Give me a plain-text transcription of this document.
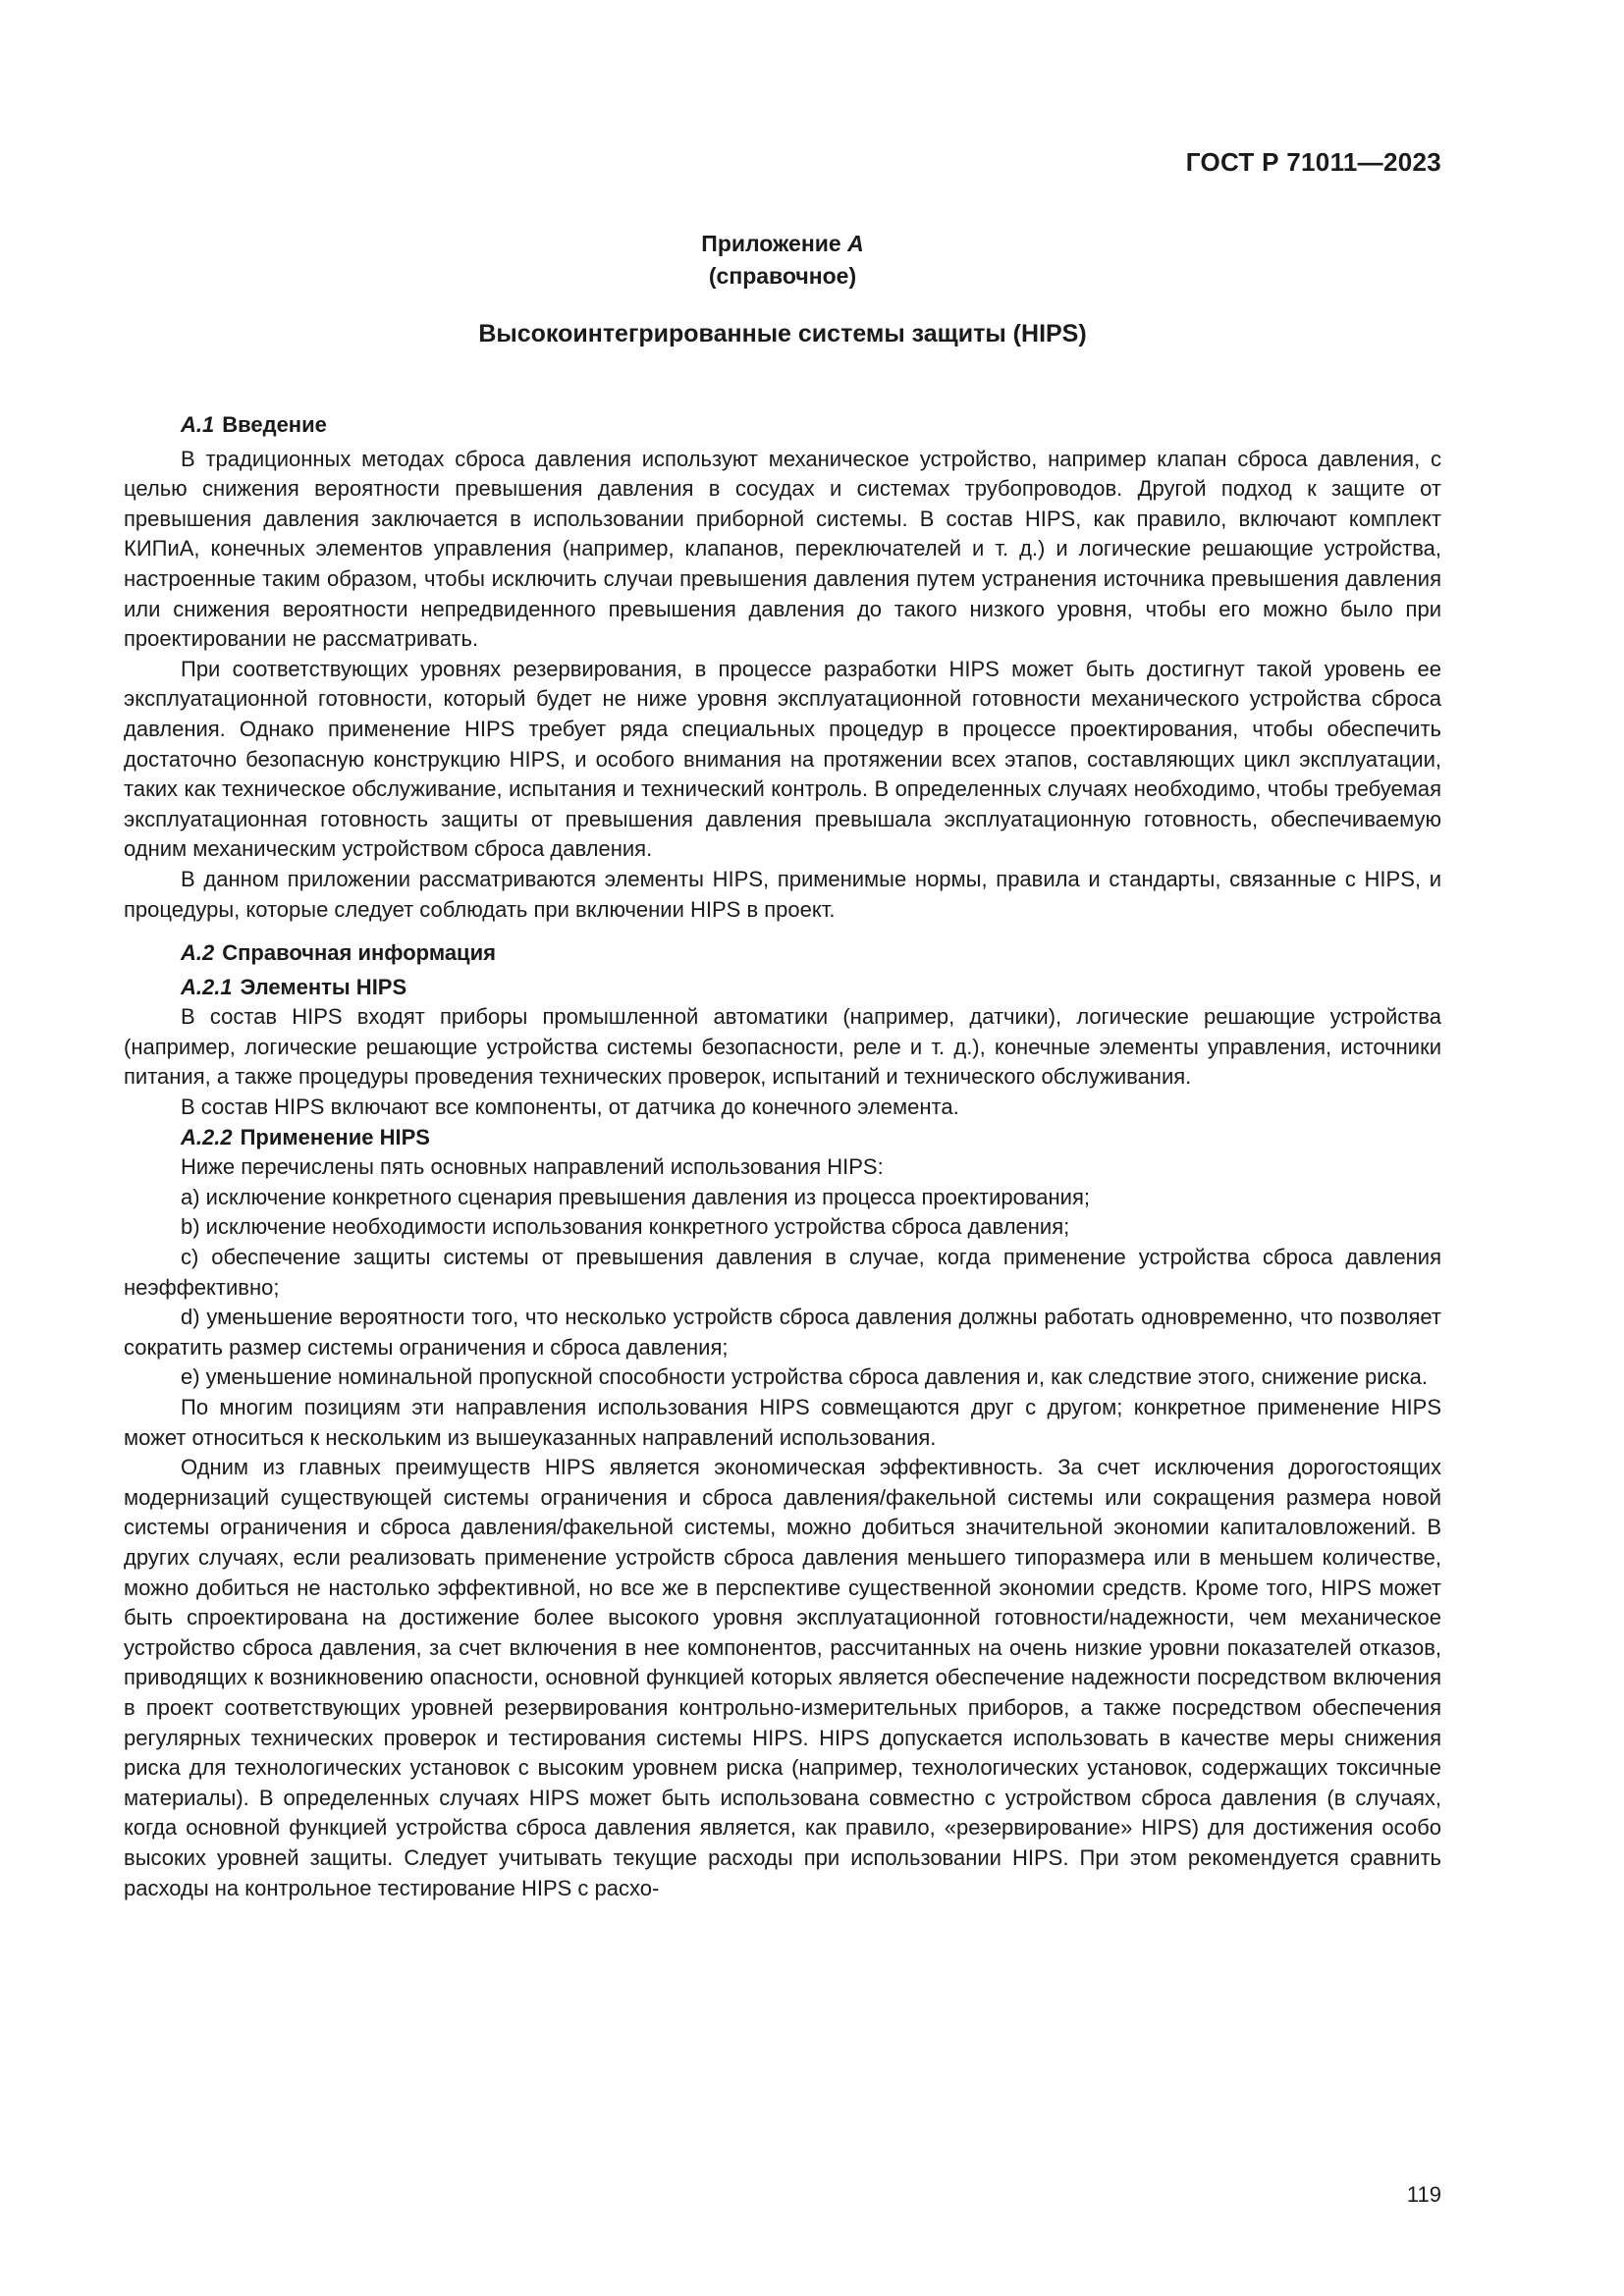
ГОСТ Р 71011—2023
Приложение А
(справочное)
Высокоинтегрированные системы защиты (HIPS)
А.1 Введение

В традиционных методах сброса давления используют механическое устройство, например клапан сброса давления, с целью снижения вероятности превышения давления в сосудах и системах трубопроводов. Другой подход к защите от превышения давления заключается в использовании приборной системы. В состав HIPS, как правило, включают комплект КИПиА, конечных элементов управления (например, клапанов, переключателей и т. д.) и логические решающие устройства, настроенные таким образом, чтобы исключить случаи превышения давления путем устранения источника превышения давления или снижения вероятности непредвиденного превышения давления до такого низкого уровня, чтобы его можно было при проектировании не рассматривать.

При соответствующих уровнях резервирования, в процессе разработки HIPS может быть достигнут такой уровень ее эксплуатационной готовности, который будет не ниже уровня эксплуатационной готовности механического устройства сброса давления. Однако применение HIPS требует ряда специальных процедур в процессе проектирования, чтобы обеспечить достаточно безопасную конструкцию HIPS, и особого внимания на протяжении всех этапов, составляющих цикл эксплуатации, таких как техническое обслуживание, испытания и технический контроль. В определенных случаях необходимо, чтобы требуемая эксплуатационная готовность защиты от превышения давления превышала эксплуатационную готовность, обеспечиваемую одним механическим устройством сброса давления.

В данном приложении рассматриваются элементы HIPS, применимые нормы, правила и стандарты, связанные с HIPS, и процедуры, которые следует соблюдать при включении HIPS в проект.

А.2 Справочная информация
А.2.1 Элементы HIPS

В состав HIPS входят приборы промышленной автоматики (например, датчики), логические решающие устройства (например, логические решающие устройства системы безопасности, реле и т. д.), конечные элементы управления, источники питания, а также процедуры проведения технических проверок, испытаний и технического обслуживания.

В состав HIPS включают все компоненты, от датчика до конечного элемента.

А.2.2 Применение HIPS

Ниже перечислены пять основных направлений использования HIPS:

a) исключение конкретного сценария превышения давления из процесса проектирования;

b) исключение необходимости использования конкретного устройства сброса давления;

c) обеспечение защиты системы от превышения давления в случае, когда применение устройства сброса давления неэффективно;

d) уменьшение вероятности того, что несколько устройств сброса давления должны работать одновременно, что позволяет сократить размер системы ограничения и сброса давления;

e) уменьшение номинальной пропускной способности устройства сброса давления и, как следствие этого, снижение риска.

По многим позициям эти направления использования HIPS совмещаются друг с другом; конкретное применение HIPS может относиться к нескольким из вышеуказанных направлений использования.

Одним из главных преимуществ HIPS является экономическая эффективность. За счет исключения дорогостоящих модернизаций существующей системы ограничения и сброса давления/факельной системы или сокращения размера новой системы ограничения и сброса давления/факельной системы, можно добиться значительной экономии капиталовложений. В других случаях, если реализовать применение устройств сброса давления меньшего типоразмера или в меньшем количестве, можно добиться не настолько эффективной, но все же в перспективе существенной экономии средств. Кроме того, HIPS может быть спроектирована на достижение более высокого уровня эксплуатационной готовности/надежности, чем механическое устройство сброса давления, за счет включения в нее компонентов, рассчитанных на очень низкие уровни показателей отказов, приводящих к возникновению опасности, основной функцией которых является обеспечение надежности посредством включения в проект соответствующих уровней резервирования контрольно-измерительных приборов, а также посредством обеспечения регулярных технических проверок и тестирования системы HIPS. HIPS допускается использовать в качестве меры снижения риска для технологических установок с высоким уровнем риска (например, технологических установок, содержащих токсичные материалы). В определенных случаях HIPS может быть использована совместно с устройством сброса давления (в случаях, когда основной функцией устройства сброса давления является, как правило, «резервирование» HIPS) для достижения особо высоких уровней защиты. Следует учитывать текущие расходы при использовании HIPS. При этом рекомендуется сравнить расходы на контрольное тестирование HIPS с расхо-

119
